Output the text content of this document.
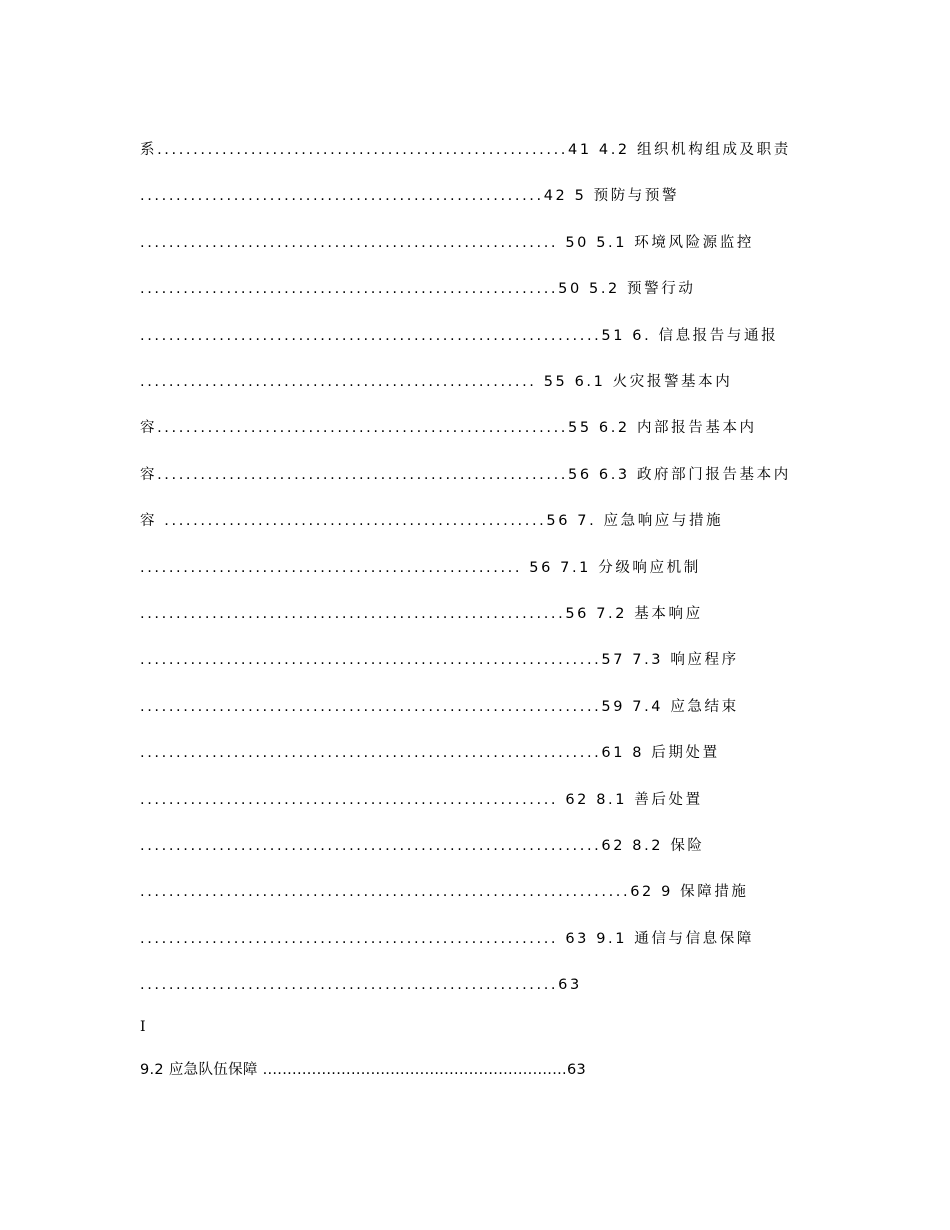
系.........................................................41 4.2 组织机构组成及职责
........................................................42 5 预防与预警
.......................................................... 50 5.1 环境风险源监控
..........................................................50 5.2 预警行动
................................................................51 6. 信息报告与通报
....................................................... 55 6.1 火灾报警基本内
容.........................................................55 6.2 内部报告基本内
容.........................................................56 6.3 政府部门报告基本内
容 .....................................................56 7. 应急响应与措施
..................................................... 56 7.1 分级响应机制
...........................................................56 7.2 基本响应
................................................................57 7.3 响应程序
................................................................59 7.4 应急结束
................................................................61 8 后期处置
.......................................................... 62 8.1 善后处置
................................................................62 8.2 保险
....................................................................62 9 保障措施
.......................................................... 63 9.1 通信与信息保障
..........................................................63
I
9.2 应急队伍保障 ..............................................................63
